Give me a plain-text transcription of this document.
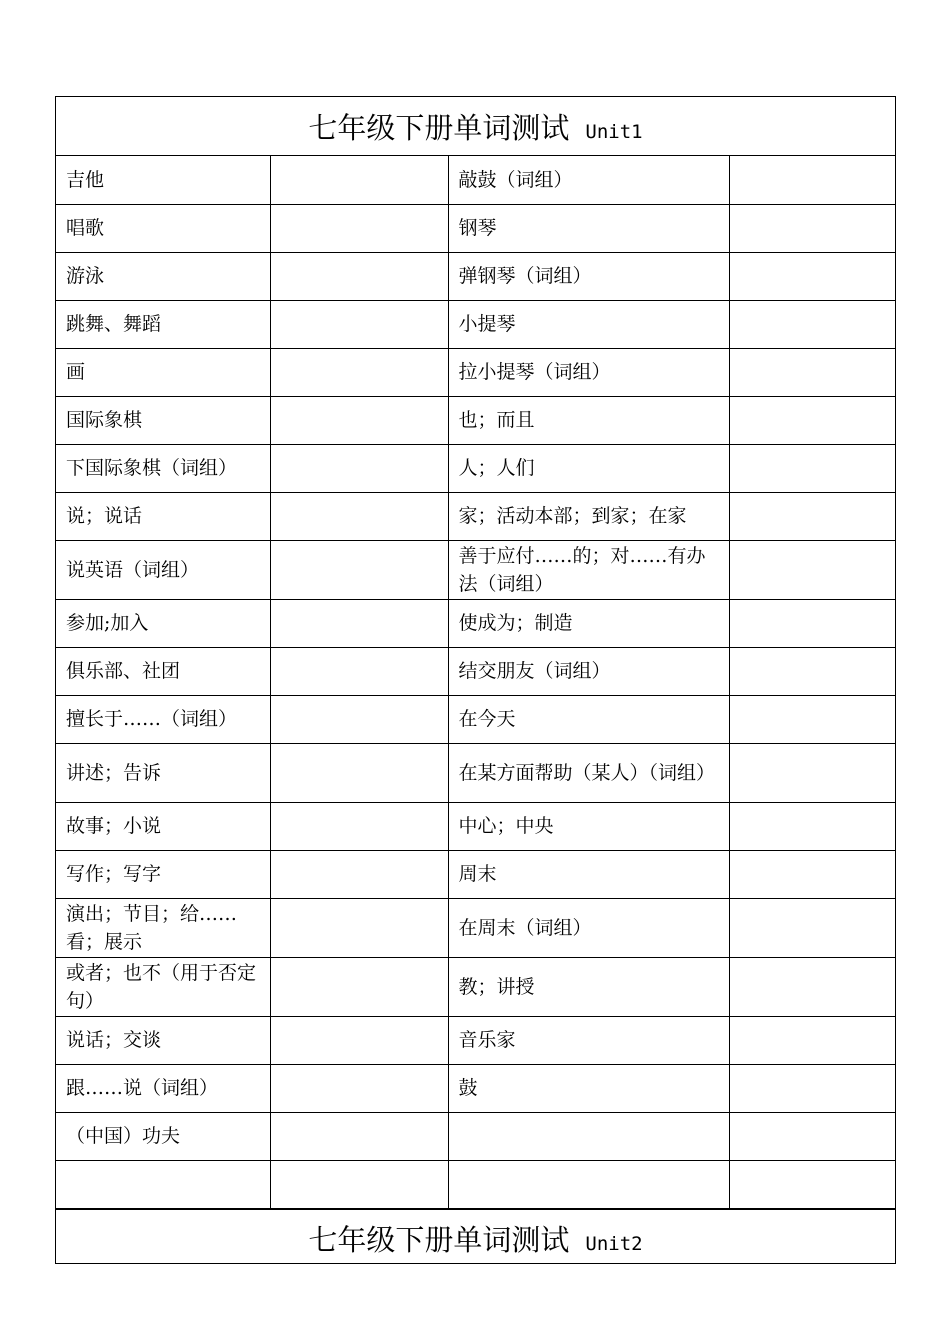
七年级下册单词测试 Unit1
吉他		敲鼓（词组）	
唱歌		钢琴	
游泳		弹钢琴（词组）	
跳舞、舞蹈		小提琴	
画		拉小提琴（词组）	
国际象棋		也；而且	
下国际象棋（词组）		人；人们	
说；说话		家；活动本部；到家；在家	
说英语（词组）		善于应付……的；对……有办法（词组）	
参加;加入		使成为；制造	
俱乐部、社团		结交朋友（词组）	
擅长于……（词组）		在今天	
讲述；告诉		在某方面帮助（某人）（词组）	
故事；小说		中心；中央	
写作；写字		周末	
演出；节目；给……看；展示		在周末（词组）	
或者；也不（用于否定句）		教；讲授	
说话；交谈		音乐家	
跟……说（词组）		鼓	
（中国）功夫			

七年级下册单词测试 Unit2
